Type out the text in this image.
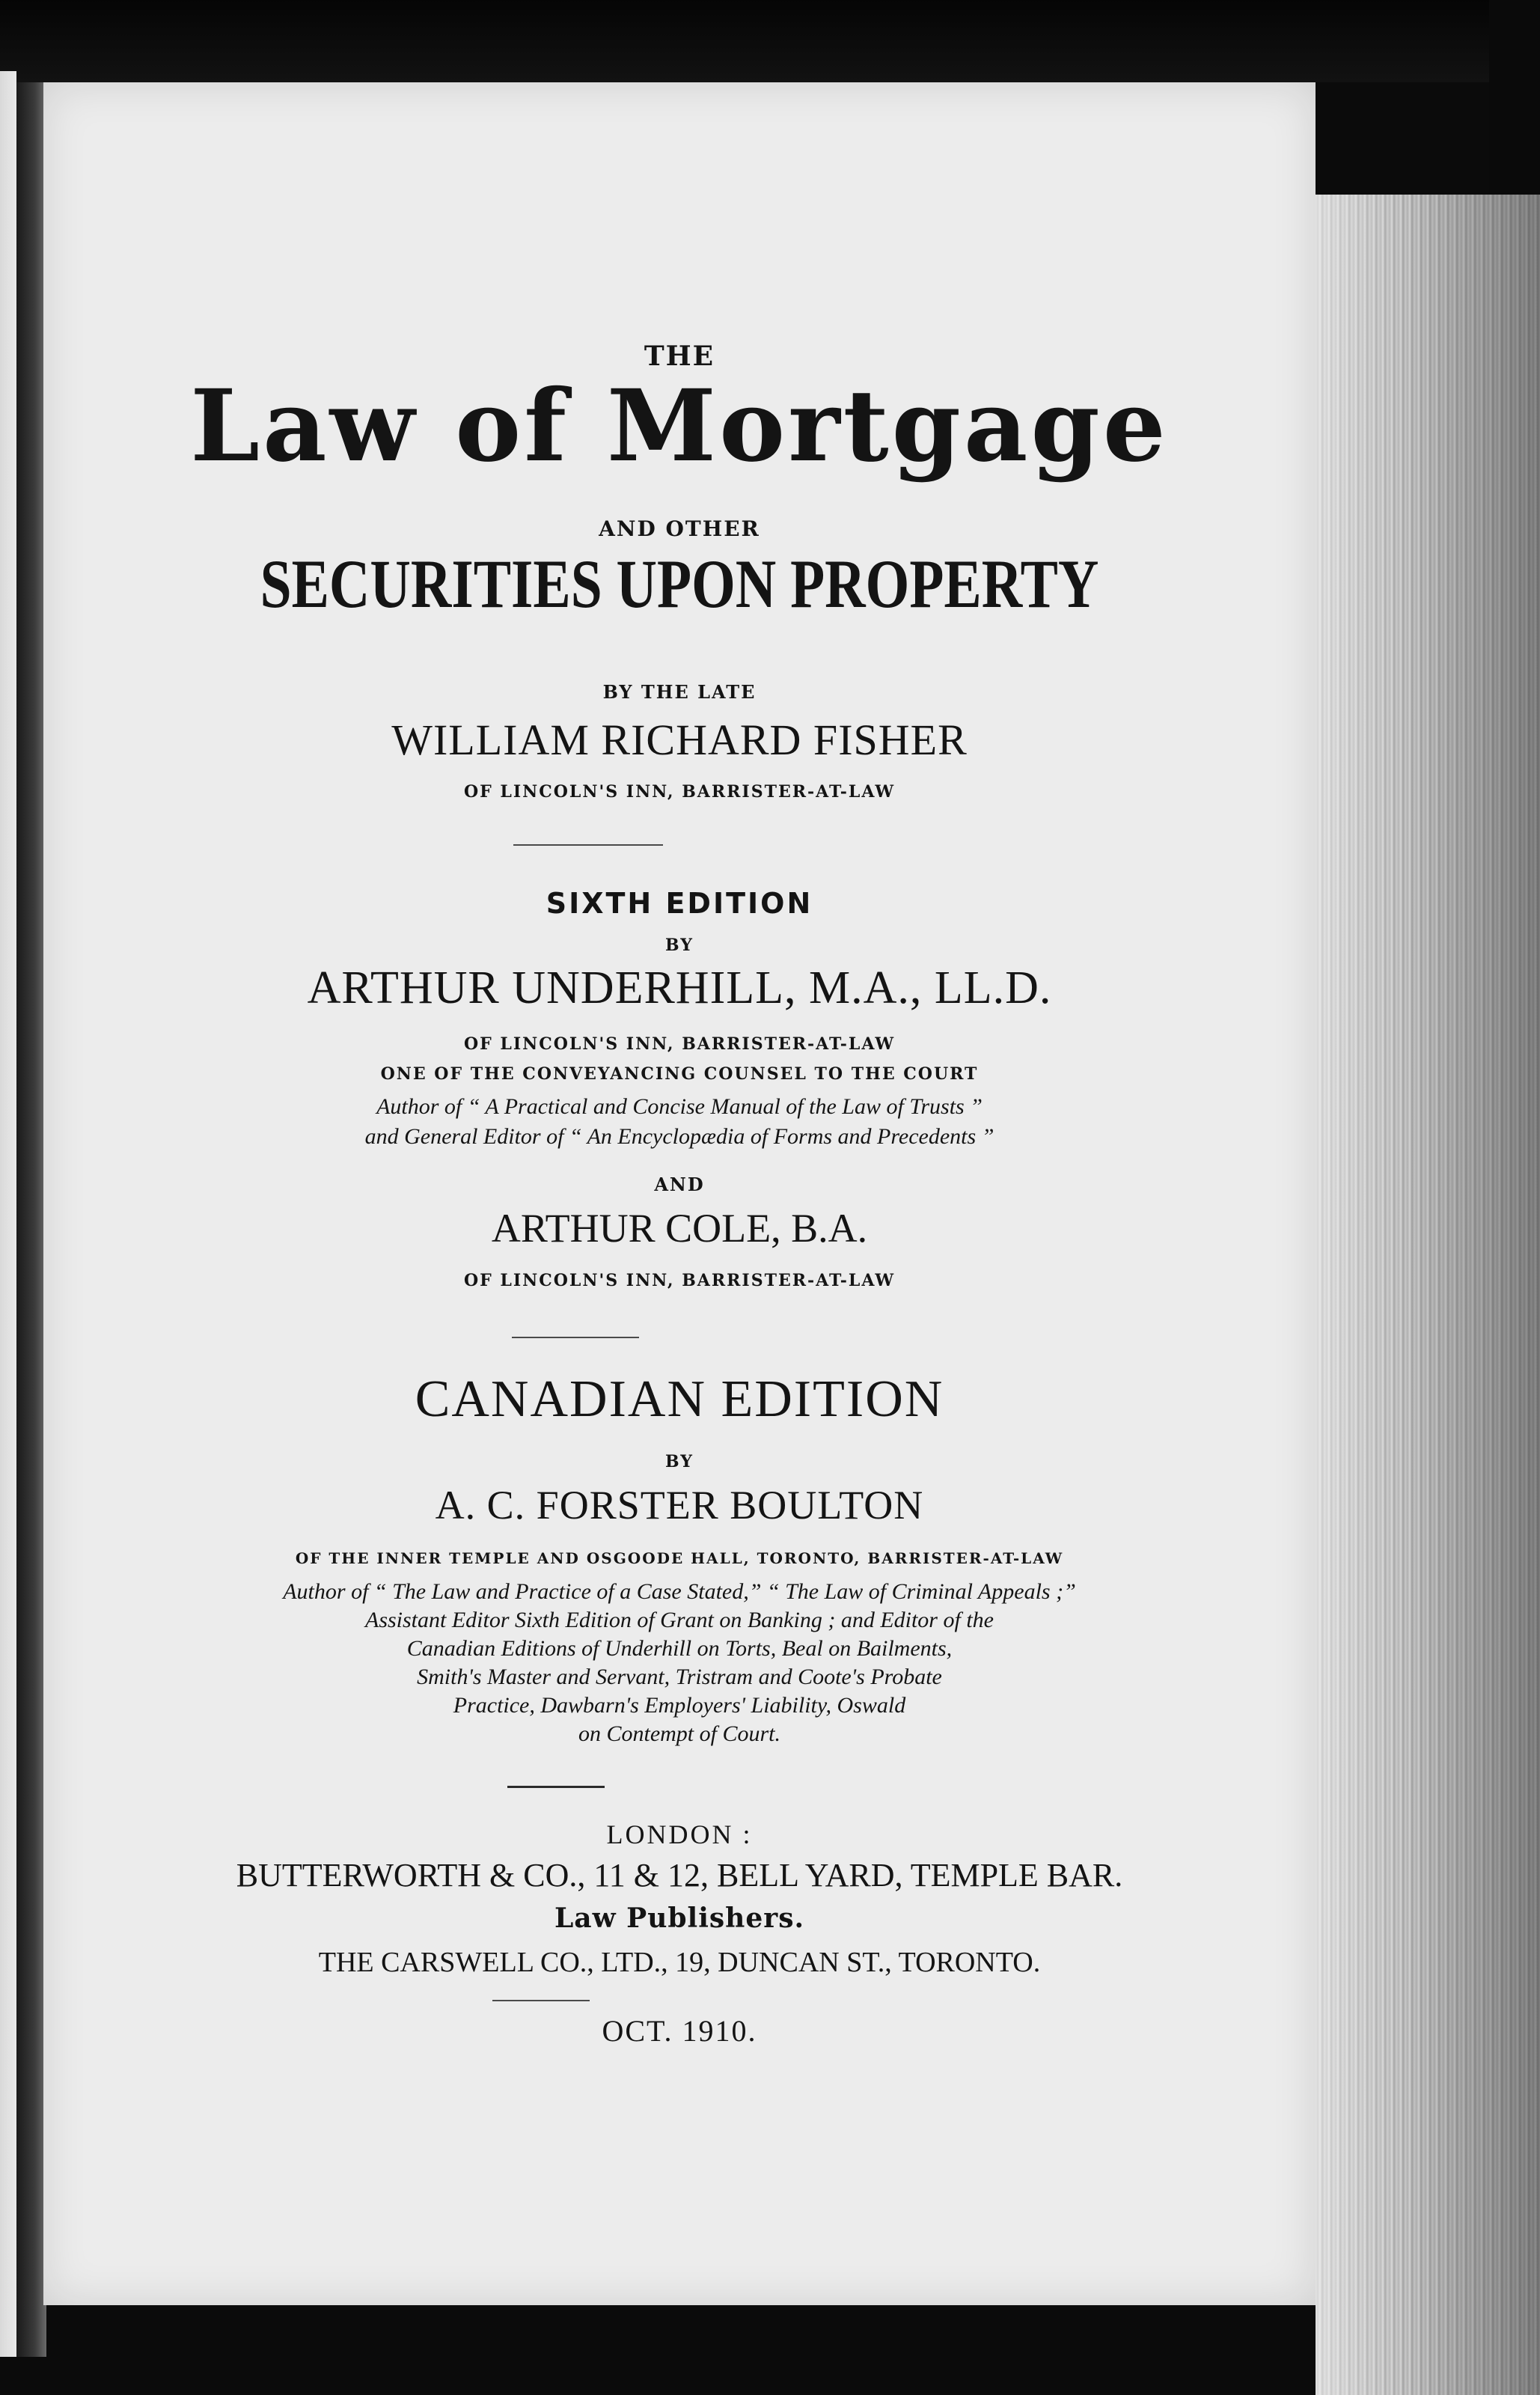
THE

Law of Mortgage

AND OTHER

SECURITIES UPON PROPERTY

BY THE LATE

WILLIAM RICHARD FISHER

OF LINCOLN'S INN, BARRISTER-AT-LAW

SIXTH EDITION

BY

ARTHUR UNDERHILL, M.A., LL.D.

OF LINCOLN'S INN, BARRISTER-AT-LAW

ONE OF THE CONVEYANCING COUNSEL TO THE COURT

Author of “ A Practical and Concise Manual of the Law of Trusts ”

and General Editor of “ An Encyclopædia of Forms and Precedents ”

AND

ARTHUR COLE, B.A.

OF LINCOLN'S INN, BARRISTER-AT-LAW

CANADIAN EDITION

BY

A. C. FORSTER BOULTON

OF THE INNER TEMPLE AND OSGOODE HALL, TORONTO, BARRISTER-AT-LAW

Author of “ The Law and Practice of a Case Stated,” “ The Law of Criminal Appeals ;”

Assistant Editor Sixth Edition of Grant on Banking ; and Editor of the

Canadian Editions of Underhill on Torts, Beal on Bailments,

Smith's Master and Servant, Tristram and Coote's Probate

Practice, Dawbarn's Employers' Liability, Oswald

on Contempt of Court.

LONDON :

BUTTERWORTH & CO., 11 & 12, BELL YARD, TEMPLE BAR.

Law Publishers.

THE CARSWELL CO., LTD., 19, DUNCAN ST., TORONTO.

OCT. 1910.
